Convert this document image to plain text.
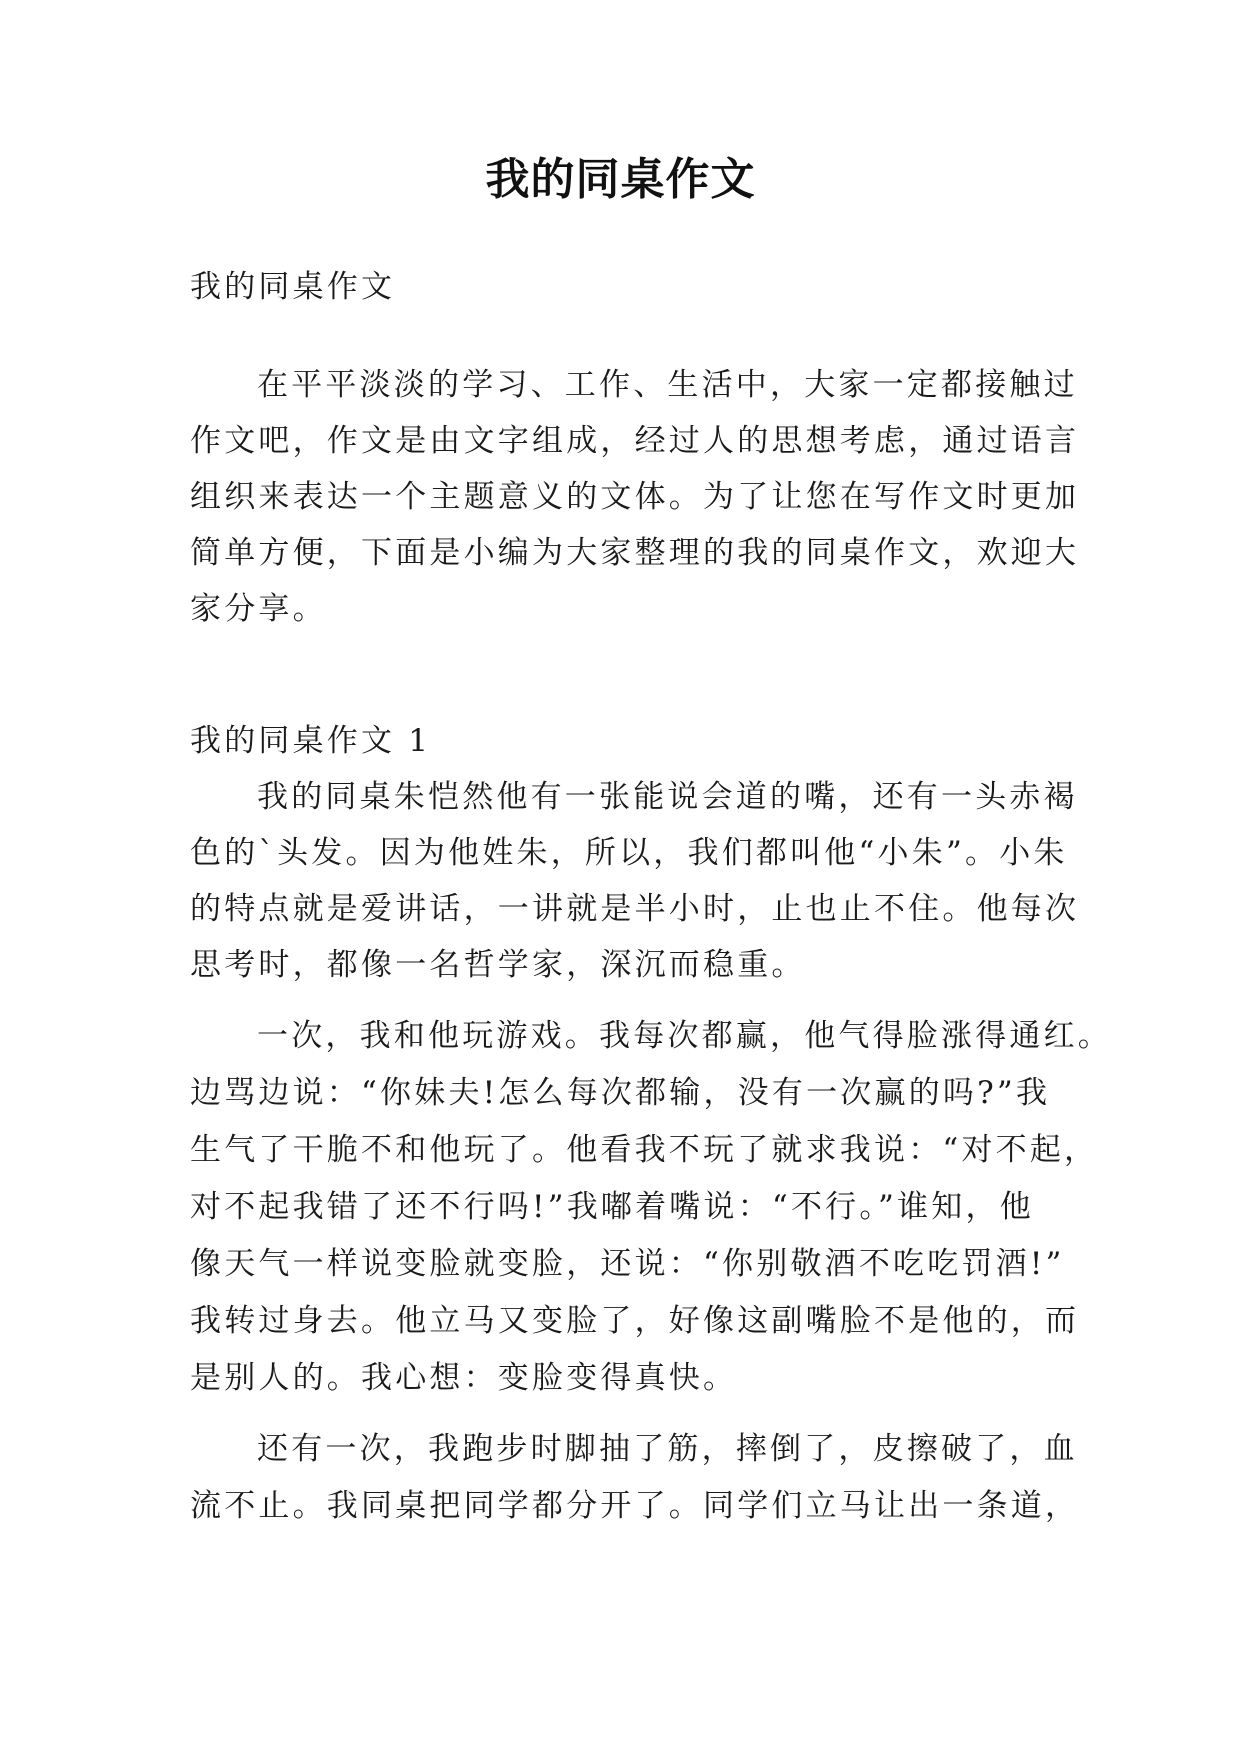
我的同桌作文

我的同桌作文

在平平淡淡的学习、工作、生活中，大家一定都接触过

作文吧，作文是由文字组成，经过人的思想考虑，通过语言

组织来表达一个主题意义的文体。为了让您在写作文时更加

简单方便，下面是小编为大家整理的我的同桌作文，欢迎大

家分享。

我的同桌作文 1

我的同桌朱恺然他有一张能说会道的嘴，还有一头赤褐

色的`头发。因为他姓朱，所以，我们都叫他“小朱”。小朱

的特点就是爱讲话，一讲就是半小时，止也止不住。他每次

思考时，都像一名哲学家，深沉而稳重。

一次，我和他玩游戏。我每次都赢，他气得脸涨得通红。

边骂边说：“你妹夫!怎么每次都输，没有一次赢的吗?”我

生气了干脆不和他玩了。他看我不玩了就求我说：“对不起，

对不起我错了还不行吗!”我嘟着嘴说：“不行。”谁知，他

像天气一样说变脸就变脸，还说：“你别敬酒不吃吃罚酒!”

我转过身去。他立马又变脸了，好像这副嘴脸不是他的，而

是别人的。我心想：变脸变得真快。

还有一次，我跑步时脚抽了筋，摔倒了，皮擦破了，血

流不止。我同桌把同学都分开了。同学们立马让出一条道，
